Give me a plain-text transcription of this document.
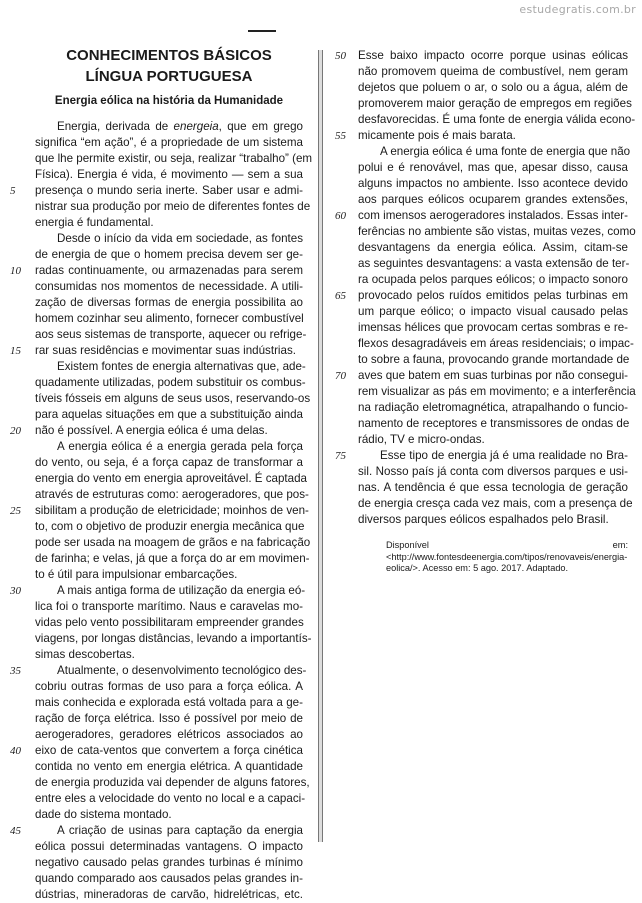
estudegratis.com.br
CONHECIMENTOS BÁSICOS
LÍNGUA PORTUGUESA
Energia eólica na história da Humanidade
Energia, derivada de energeia, que em grego
significa “em ação”, é a propriedade de um sistema
que lhe permite existir, ou seja, realizar “trabalho” (em
Física). Energia é vida, é movimento — sem a sua
5 presença o mundo seria inerte. Saber usar e admi-
nistrar sua produção por meio de diferentes fontes de
energia é fundamental.
Desde o início da vida em sociedade, as fontes
de energia de que o homem precisa devem ser ge-
10 radas continuamente, ou armazenadas para serem
consumidas nos momentos de necessidade. A utili-
zação de diversas formas de energia possibilita ao
homem cozinhar seu alimento, fornecer combustível
aos seus sistemas de transporte, aquecer ou refrige-
15 rar suas residências e movimentar suas indústrias.
Existem fontes de energia alternativas que, ade-
quadamente utilizadas, podem substituir os combus-
tíveis fósseis em alguns de seus usos, reservando-os
para aquelas situações em que a substituição ainda
20 não é possível. A energia eólica é uma delas.
A energia eólica é a energia gerada pela força
do vento, ou seja, é a força capaz de transformar a
energia do vento em energia aproveitável. É captada
através de estruturas como: aerogeradores, que pos-
25 sibilitam a produção de eletricidade; moinhos de ven-
to, com o objetivo de produzir energia mecânica que
pode ser usada na moagem de grãos e na fabricação
de farinha; e velas, já que a força do ar em movimen-
to é útil para impulsionar embarcações.
30	A mais antiga forma de utilização da energia eó-
lica foi o transporte marítimo. Naus e caravelas mo-
vidas pelo vento possibilitaram empreender grandes
viagens, por longas distâncias, levando a importantís-
simas descobertas.
35	Atualmente, o desenvolvimento tecnológico des-
cobriu outras formas de uso para a força eólica. A
mais conhecida e explorada está voltada para a ge-
ração de força elétrica. Isso é possível por meio de
aerogeradores, geradores elétricos associados ao
40 eixo de cata-ventos que convertem a força cinética
contida no vento em energia elétrica. A quantidade
de energia produzida vai depender de alguns fatores,
entre eles a velocidade do vento no local e a capaci-
dade do sistema montado.
45	A criação de usinas para captação da energia
eólica possui determinadas vantagens. O impacto
negativo causado pelas grandes turbinas é mínimo
quando comparado aos causados pelas grandes in-
dústrias, mineradoras de carvão, hidrelétricas, etc.
50 Esse baixo impacto ocorre porque usinas eólicas
não promovem queima de combustível, nem geram
dejetos que poluem o ar, o solo ou a água, além de
promoverem maior geração de empregos em regiões
desfavorecidas. É uma fonte de energia válida econo-
55 micamente pois é mais barata.
A energia eólica é uma fonte de energia que não
polui e é renovável, mas que, apesar disso, causa
alguns impactos no ambiente. Isso acontece devido
aos parques eólicos ocuparem grandes extensões,
60 com imensos aerogeradores instalados. Essas inter-
ferências no ambiente são vistas, muitas vezes, como
desvantagens da energia eólica. Assim, citam-se
as seguintes desvantagens: a vasta extensão de ter-
ra ocupada pelos parques eólicos; o impacto sonoro
65 provocado pelos ruídos emitidos pelas turbinas em
um parque eólico; o impacto visual causado pelas
imensas hélices que provocam certas sombras e re-
flexos desagradáveis em áreas residenciais; o impac-
to sobre a fauna, provocando grande mortandade de
70 aves que batem em suas turbinas por não consegui-
rem visualizar as pás em movimento; e a interferência
na radiação eletromagnética, atrapalhando o funcio-
namento de receptores e transmissores de ondas de
rádio, TV e micro-ondas.
75	Esse tipo de energia já é uma realidade no Bra-
sil. Nosso país já conta com diversos parques e usi-
nas. A tendência é que essa tecnologia de geração
de energia cresça cada vez mais, com a presença de
diversos parques eólicos espalhados pelo Brasil.
Disponível em: <http://www.fontesdeenergia.com/tipos/renovaveis/energia-eolica/>. Acesso em: 5 ago. 2017. Adaptado.
